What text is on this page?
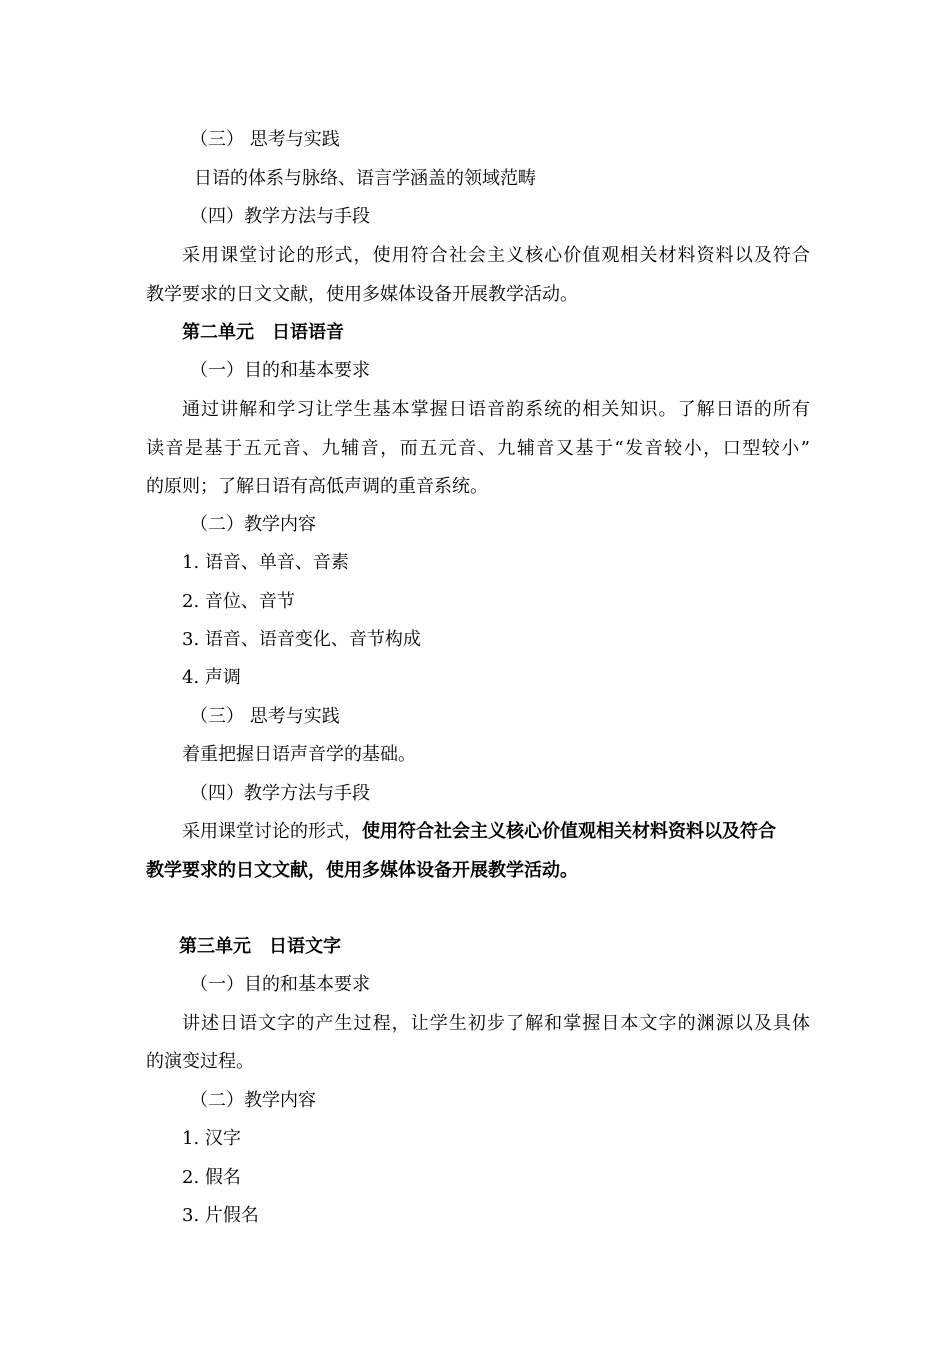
（三） 思考与实践
日语的体系与脉络、语言学涵盖的领域范畴
（四）教学方法与手段
采用课堂讨论的形式，使用符合社会主义核心价值观相关材料资料以及符合
教学要求的日文文献，使用多媒体设备开展教学活动。
第二单元　日语语音
（一）目的和基本要求
通过讲解和学习让学生基本掌握日语音韵系统的相关知识。了解日语的所有
读音是基于五元音、九辅音，而五元音、九辅音又基于“发音较小，口型较小”
的原则；了解日语有高低声调的重音系统。
（二）教学内容
1. 语音、单音、音素
2. 音位、音节
3. 语音、语音变化、音节构成
4. 声调
（三） 思考与实践
着重把握日语声音学的基础。
（四）教学方法与手段
采用课堂讨论的形式，使用符合社会主义核心价值观相关材料资料以及符合
教学要求的日文文献，使用多媒体设备开展教学活动。
第三单元　日语文字
（一）目的和基本要求
讲述日语文字的产生过程，让学生初步了解和掌握日本文字的渊源以及具体
的演变过程。
（二）教学内容
1. 汉字
2. 假名
3. 片假名
